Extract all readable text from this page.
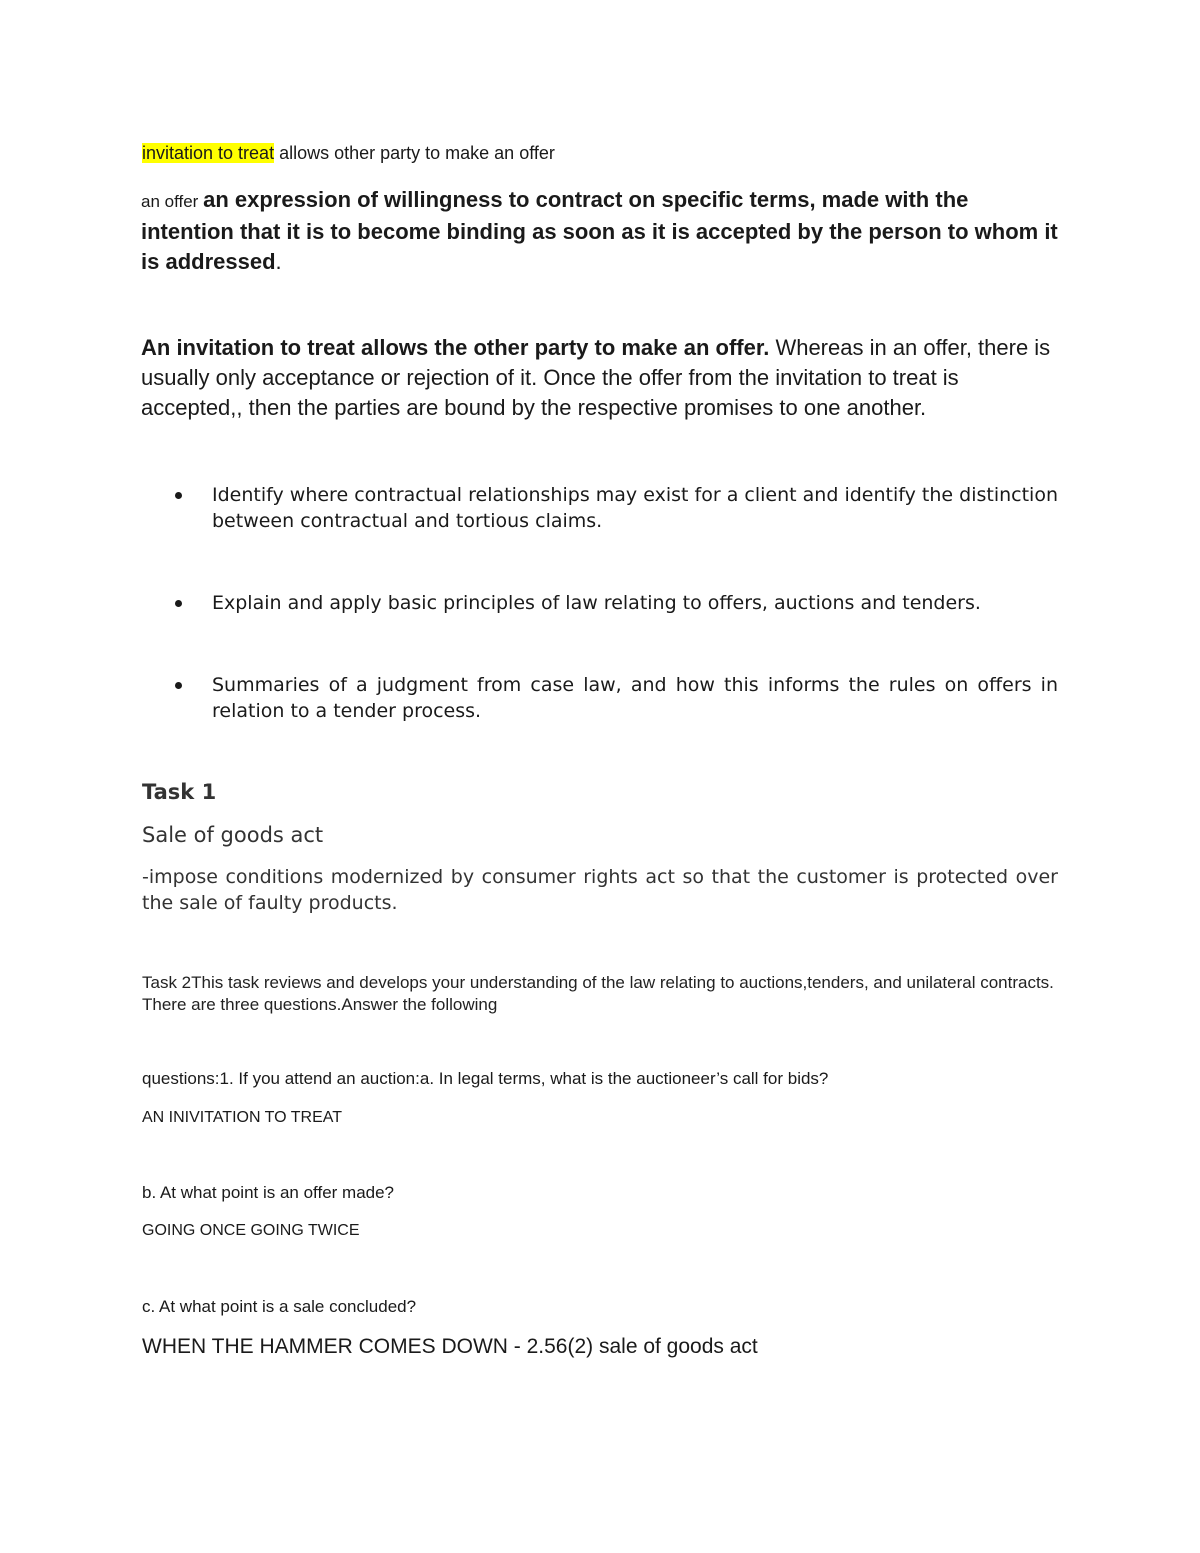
invitation to treat allows other party to make an offer
an offer an expression of willingness to contract on specific terms, made with the intention that it is to become binding as soon as it is accepted by the person to whom it is addressed.
An invitation to treat allows the other party to make an offer. Whereas in an offer, there is usually only acceptance or rejection of it. Once the offer from the invitation to treat is accepted,, then the parties are bound by the respective promises to one another.
Identify where contractual relationships may exist for a client and identify the distinction between contractual and tortious claims.
Explain and apply basic principles of law relating to offers, auctions and tenders.
Summaries of a judgment from case law, and how this informs the rules on offers in relation to a tender process.
Task 1
Sale of goods act
-impose conditions modernized by consumer rights act so that the customer is protected over the sale of faulty products.
Task 2This task reviews and develops your understanding of the law relating to auctions,tenders, and unilateral contracts. There are three questions.Answer the following
questions:1. If you attend an auction:a. In legal terms, what is the auctioneer’s call for bids?
AN INIVITATION TO TREAT
b. At what point is an offer made?
GOING ONCE GOING TWICE
c. At what point is a sale concluded?
WHEN THE HAMMER COMES DOWN - 2.56(2) sale of goods act
